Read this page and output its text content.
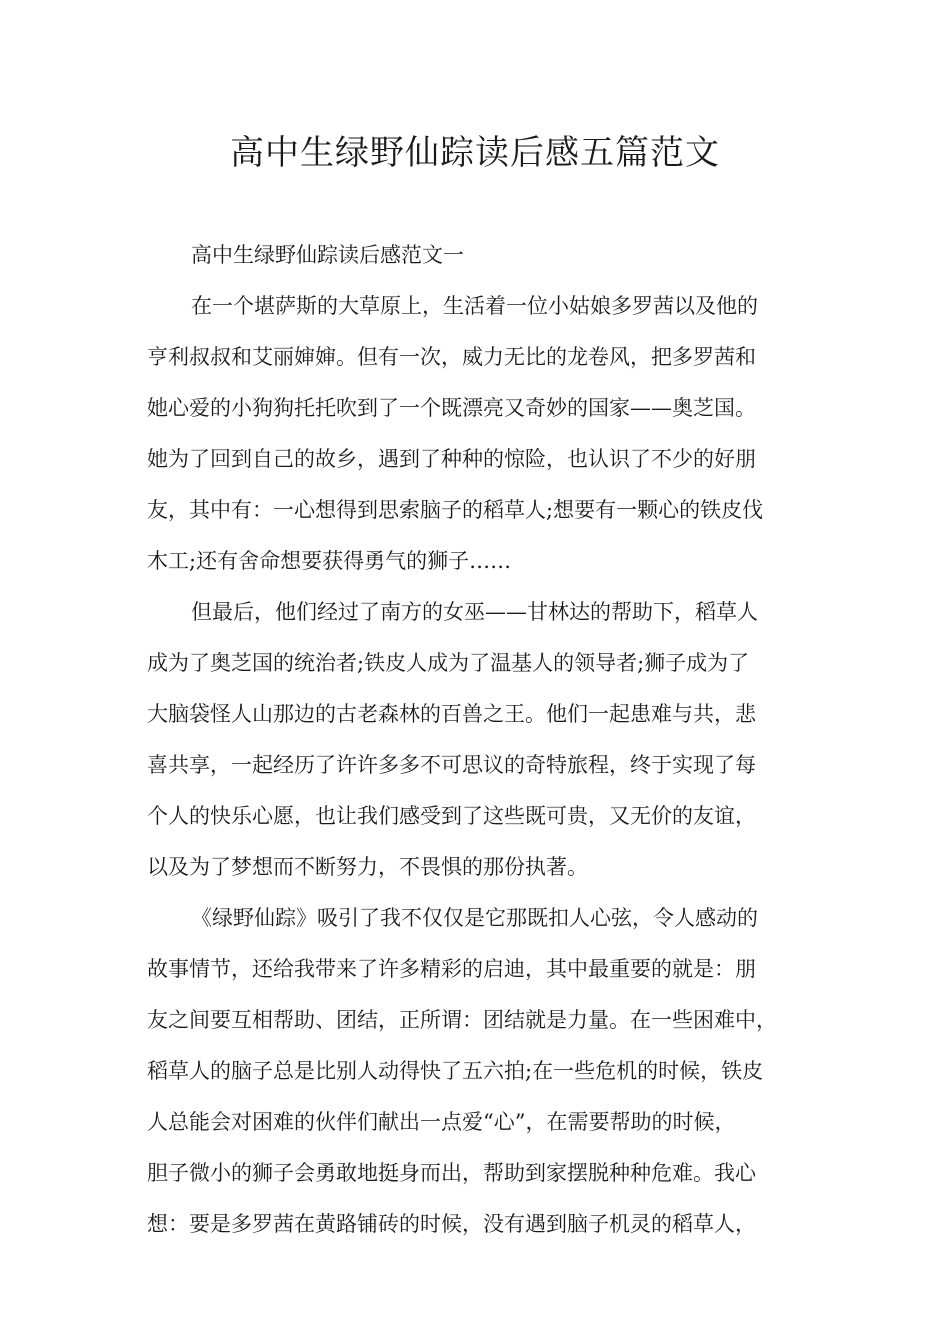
高中生绿野仙踪读后感五篇范文
高中生绿野仙踪读后感范文一
在一个堪萨斯的大草原上，生活着一位小姑娘多罗茜以及他的
亨利叔叔和艾丽婶婶。但有一次，威力无比的龙卷风，把多罗茜和
她心爱的小狗狗托托吹到了一个既漂亮又奇妙的国家——奥芝国。
她为了回到自己的故乡，遇到了种种的惊险，也认识了不少的好朋
友，其中有：一心想得到思索脑子的稻草人;想要有一颗心的铁皮伐
木工;还有舍命想要获得勇气的狮子……
但最后，他们经过了南方的女巫——甘林达的帮助下，稻草人
成为了奥芝国的统治者;铁皮人成为了温基人的领导者;狮子成为了
大脑袋怪人山那边的古老森林的百兽之王。他们一起患难与共，悲
喜共享，一起经历了许许多多不可思议的奇特旅程，终于实现了每
个人的快乐心愿，也让我们感受到了这些既可贵，又无价的友谊，
以及为了梦想而不断努力，不畏惧的那份执著。
《绿野仙踪》吸引了我不仅仅是它那既扣人心弦，令人感动的
故事情节，还给我带来了许多精彩的启迪，其中最重要的就是：朋
友之间要互相帮助、团结，正所谓：团结就是力量。在一些困难中，
稻草人的脑子总是比别人动得快了五六拍;在一些危机的时候，铁皮
人总能会对困难的伙伴们献出一点爱“心”，在需要帮助的时候，
胆子微小的狮子会勇敢地挺身而出，帮助到家摆脱种种危难。我心
想：要是多罗茜在黄路铺砖的时候，没有遇到脑子机灵的稻草人，
